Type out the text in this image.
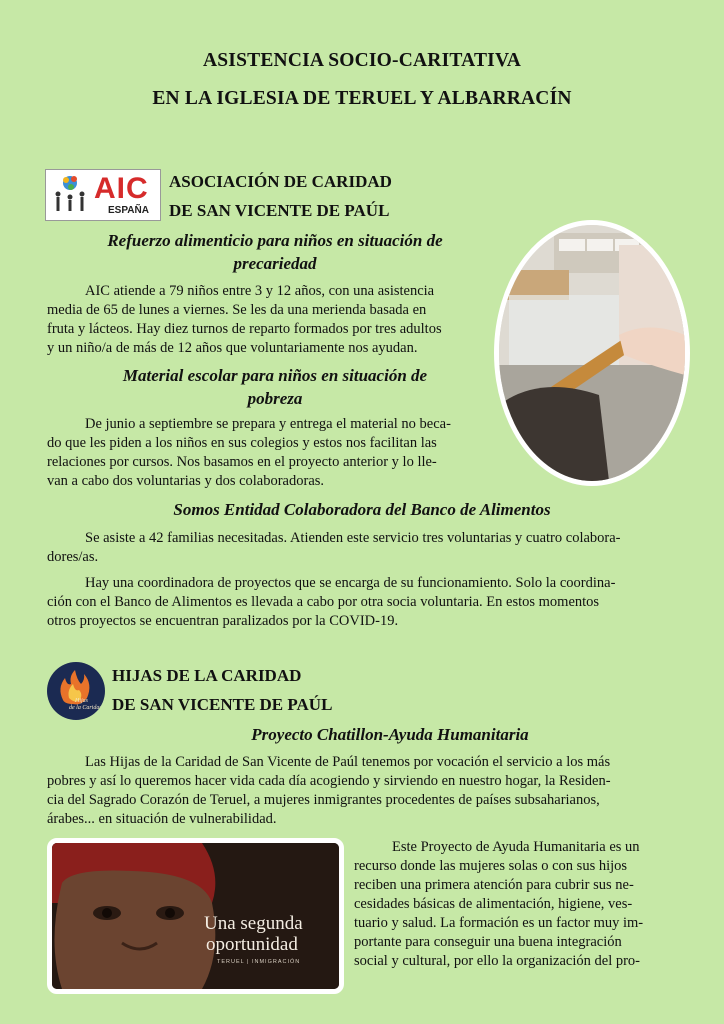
ASISTENCIA SOCIO-CARITATIVA
EN LA IGLESIA DE TERUEL Y ALBARRACÍN
AIC
ESPAÑA
ASOCIACIÓN DE CARIDAD
DE SAN VICENTE DE PAÚL
Refuerzo alimenticio para niños en situación de
precariedad
AIC atiende a 79 niños entre 3 y 12 años, con una asistencia
media de 65 de lunes a viernes. Se les da una merienda basada en
fruta y lácteos. Hay diez turnos de reparto formados por tres adultos
y un niño/a de más de 12 años que voluntariamente nos ayudan.
Material escolar para niños en situación de
pobreza
De junio a septiembre se prepara y entrega el material no beca-
do que les piden a los niños en sus colegios y estos nos facilitan las
relaciones por cursos. Nos basamos en el proyecto anterior y lo lle-
van a cabo dos voluntarias y dos colaboradoras.
Somos Entidad Colaboradora del Banco de Alimentos
Se asiste a 42 familias necesitadas. Atienden este servicio tres voluntarias y cuatro colabora-
dores/as.
Hay una coordinadora de proyectos que se encarga de su funcionamiento. Solo la coordina-
ción con el Banco de Alimentos es llevada a cabo por otra socia voluntaria. En estos momentos
otros proyectos se encuentran paralizados por la COVID-19.
Hijas
de la Caridad
HIJAS DE LA CARIDAD
DE SAN VICENTE DE PAÚL
Proyecto Chatillon-Ayuda Humanitaria
Las Hijas de la Caridad de San Vicente de Paúl tenemos por vocación el servicio a los más
pobres y así lo queremos hacer vida cada día acogiendo y sirviendo en nuestro hogar, la Residen-
cia del Sagrado Corazón de Teruel, a mujeres inmigrantes procedentes de países subsaharianos,
árabes... en situación de vulnerabilidad.
Una segunda
oportunidad
TERUEL | INMIGRACIÓN
Este Proyecto de Ayuda Humanitaria es un
recurso donde las mujeres solas o con sus hijos
reciben una primera atención para cubrir sus ne-
cesidades básicas de alimentación, higiene, ves-
tuario y salud. La formación es un factor muy im-
portante para conseguir una buena integración
social y cultural, por ello la organización del pro-
